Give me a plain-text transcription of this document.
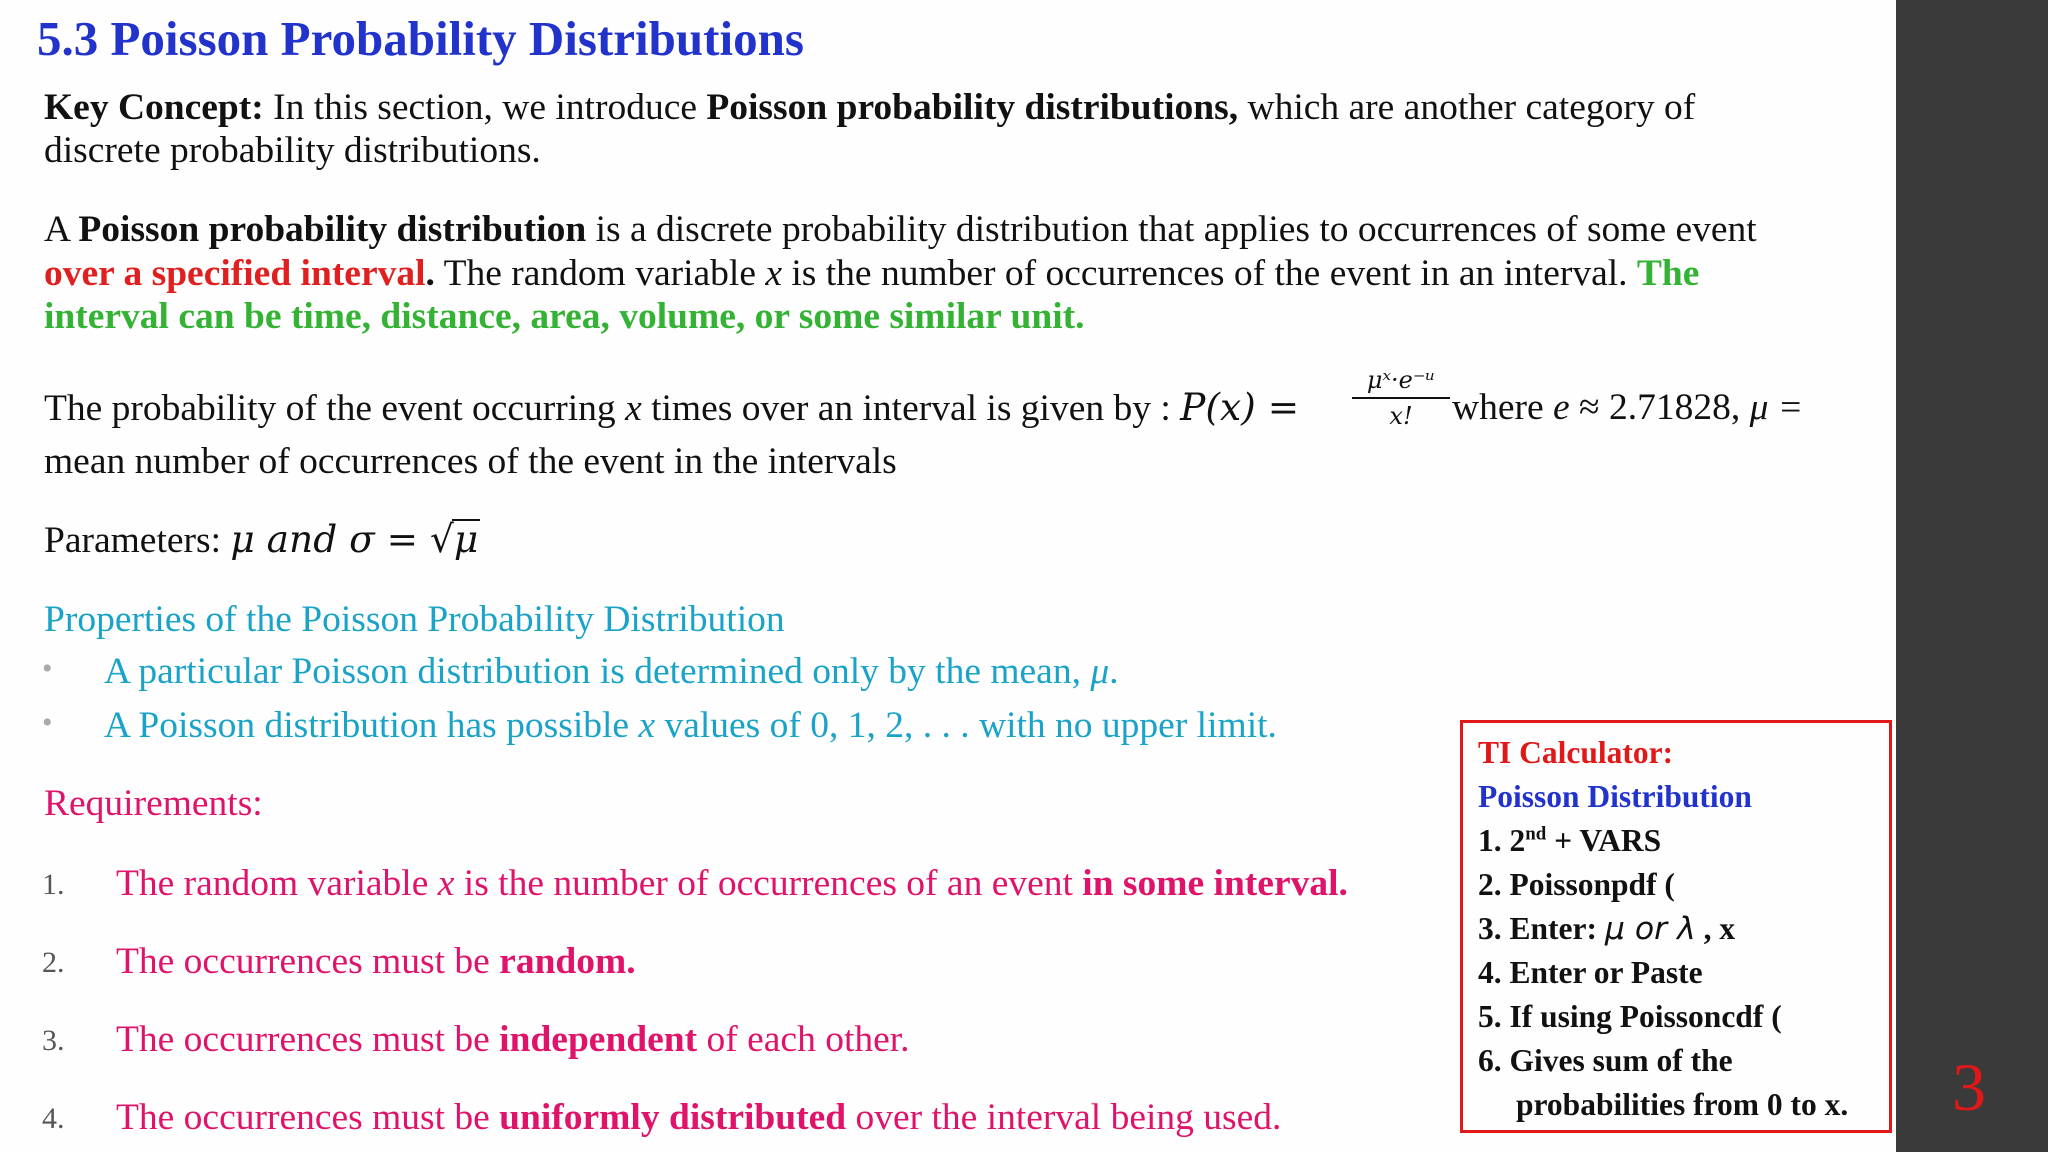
5.3 Poisson Probability Distributions
Key Concept: In this section, we introduce Poisson probability distributions, which are another category of
discrete probability distributions.
A Poisson probability distribution is a discrete probability distribution that applies to occurrences of some event
over a specified interval. The random variable x is the number of occurrences of the event in an interval. The
interval can be time, distance, area, volume, or some similar unit.
The probability of the event occurring x times over an interval is given by : P(x) =
μˣ·e⁻ᵘ
x!	where e ≈ 2.71828, μ =
mean number of occurrences of the event in the intervals
Parameters: μ and σ = √μ
Properties of the Poisson Probability Distribution
• A particular Poisson distribution is determined only by the mean, μ.
• A Poisson distribution has possible x values of 0, 1, 2, . . . with no upper limit.
Requirements:
1. The random variable x is the number of occurrences of an event in some interval.
2. The occurrences must be random.
3. The occurrences must be independent of each other.
4. The occurrences must be uniformly distributed over the interval being used.
TI Calculator:
Poisson Distribution
1. 2nd + VARS
2. Poissonpdf (
3. Enter: μ or λ , x
4. Enter or Paste
5. If using Poissoncdf (
6. Gives sum of the
probabilities from 0 to x. 3
